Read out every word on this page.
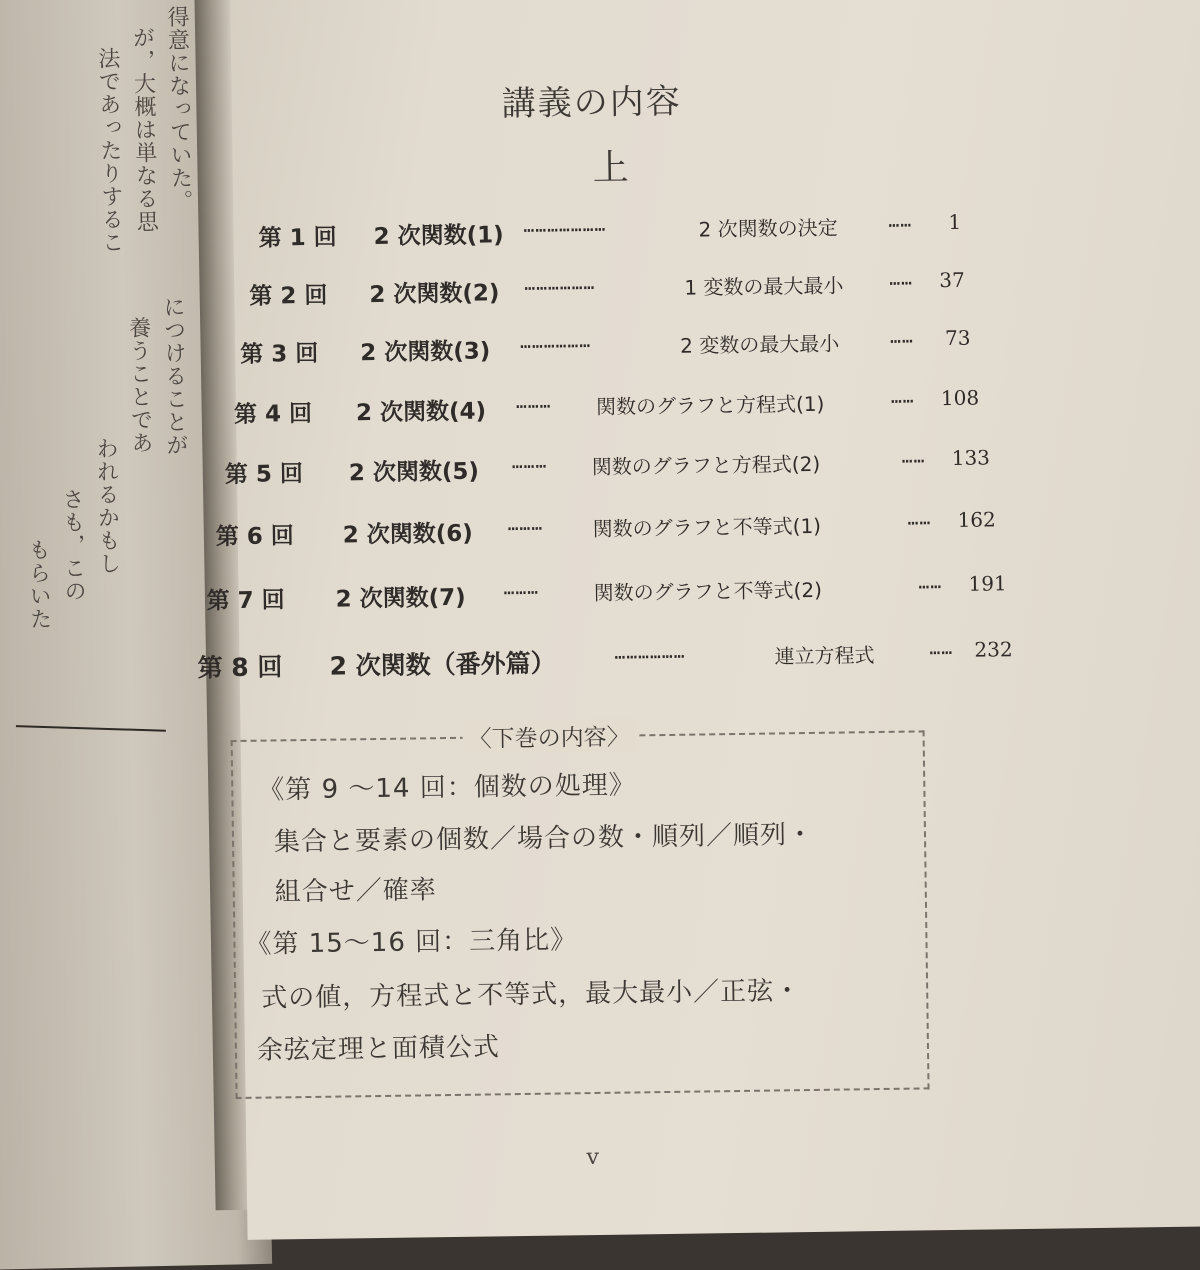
得意になっていた。
が，大概は単なる思
法であったりするこ
につけることが
養うことであ
われるかもし
さも，この
もらいた
講義の内容
上
第 1 回 2 次関数(1) …………………	2 次関数の決定	…… 1
第 2 回 2 次関数(2) ………………	1 変数の最大最小	…… 37
第 3 回 2 次関数(3) ………………	2 変数の最大最小	…… 73
第 4 回 2 次関数(4) ……… 関数のグラフと方程式(1)	…… 108
第 5 回 2 次関数(5) ……… 関数のグラフと方程式(2)	…… 133
第 6 回 2 次関数(6) ……… 関数のグラフと不等式(1)	…… 162
第 7 回 2 次関数(7) ………	関数のグラフと不等式(2)	…… 191
第 8 回 2 次関数（番外篇）	………………	連立方程式	…… 232
〈下巻の内容〉

《第 9 〜14 回：個数の処理》

集合と要素の個数／場合の数・順列／順列・

組合せ／確率

《第 15〜16 回：三角比》

式の値，方程式と不等式，最大最小／正弦・

余弦定理と面積公式

v
